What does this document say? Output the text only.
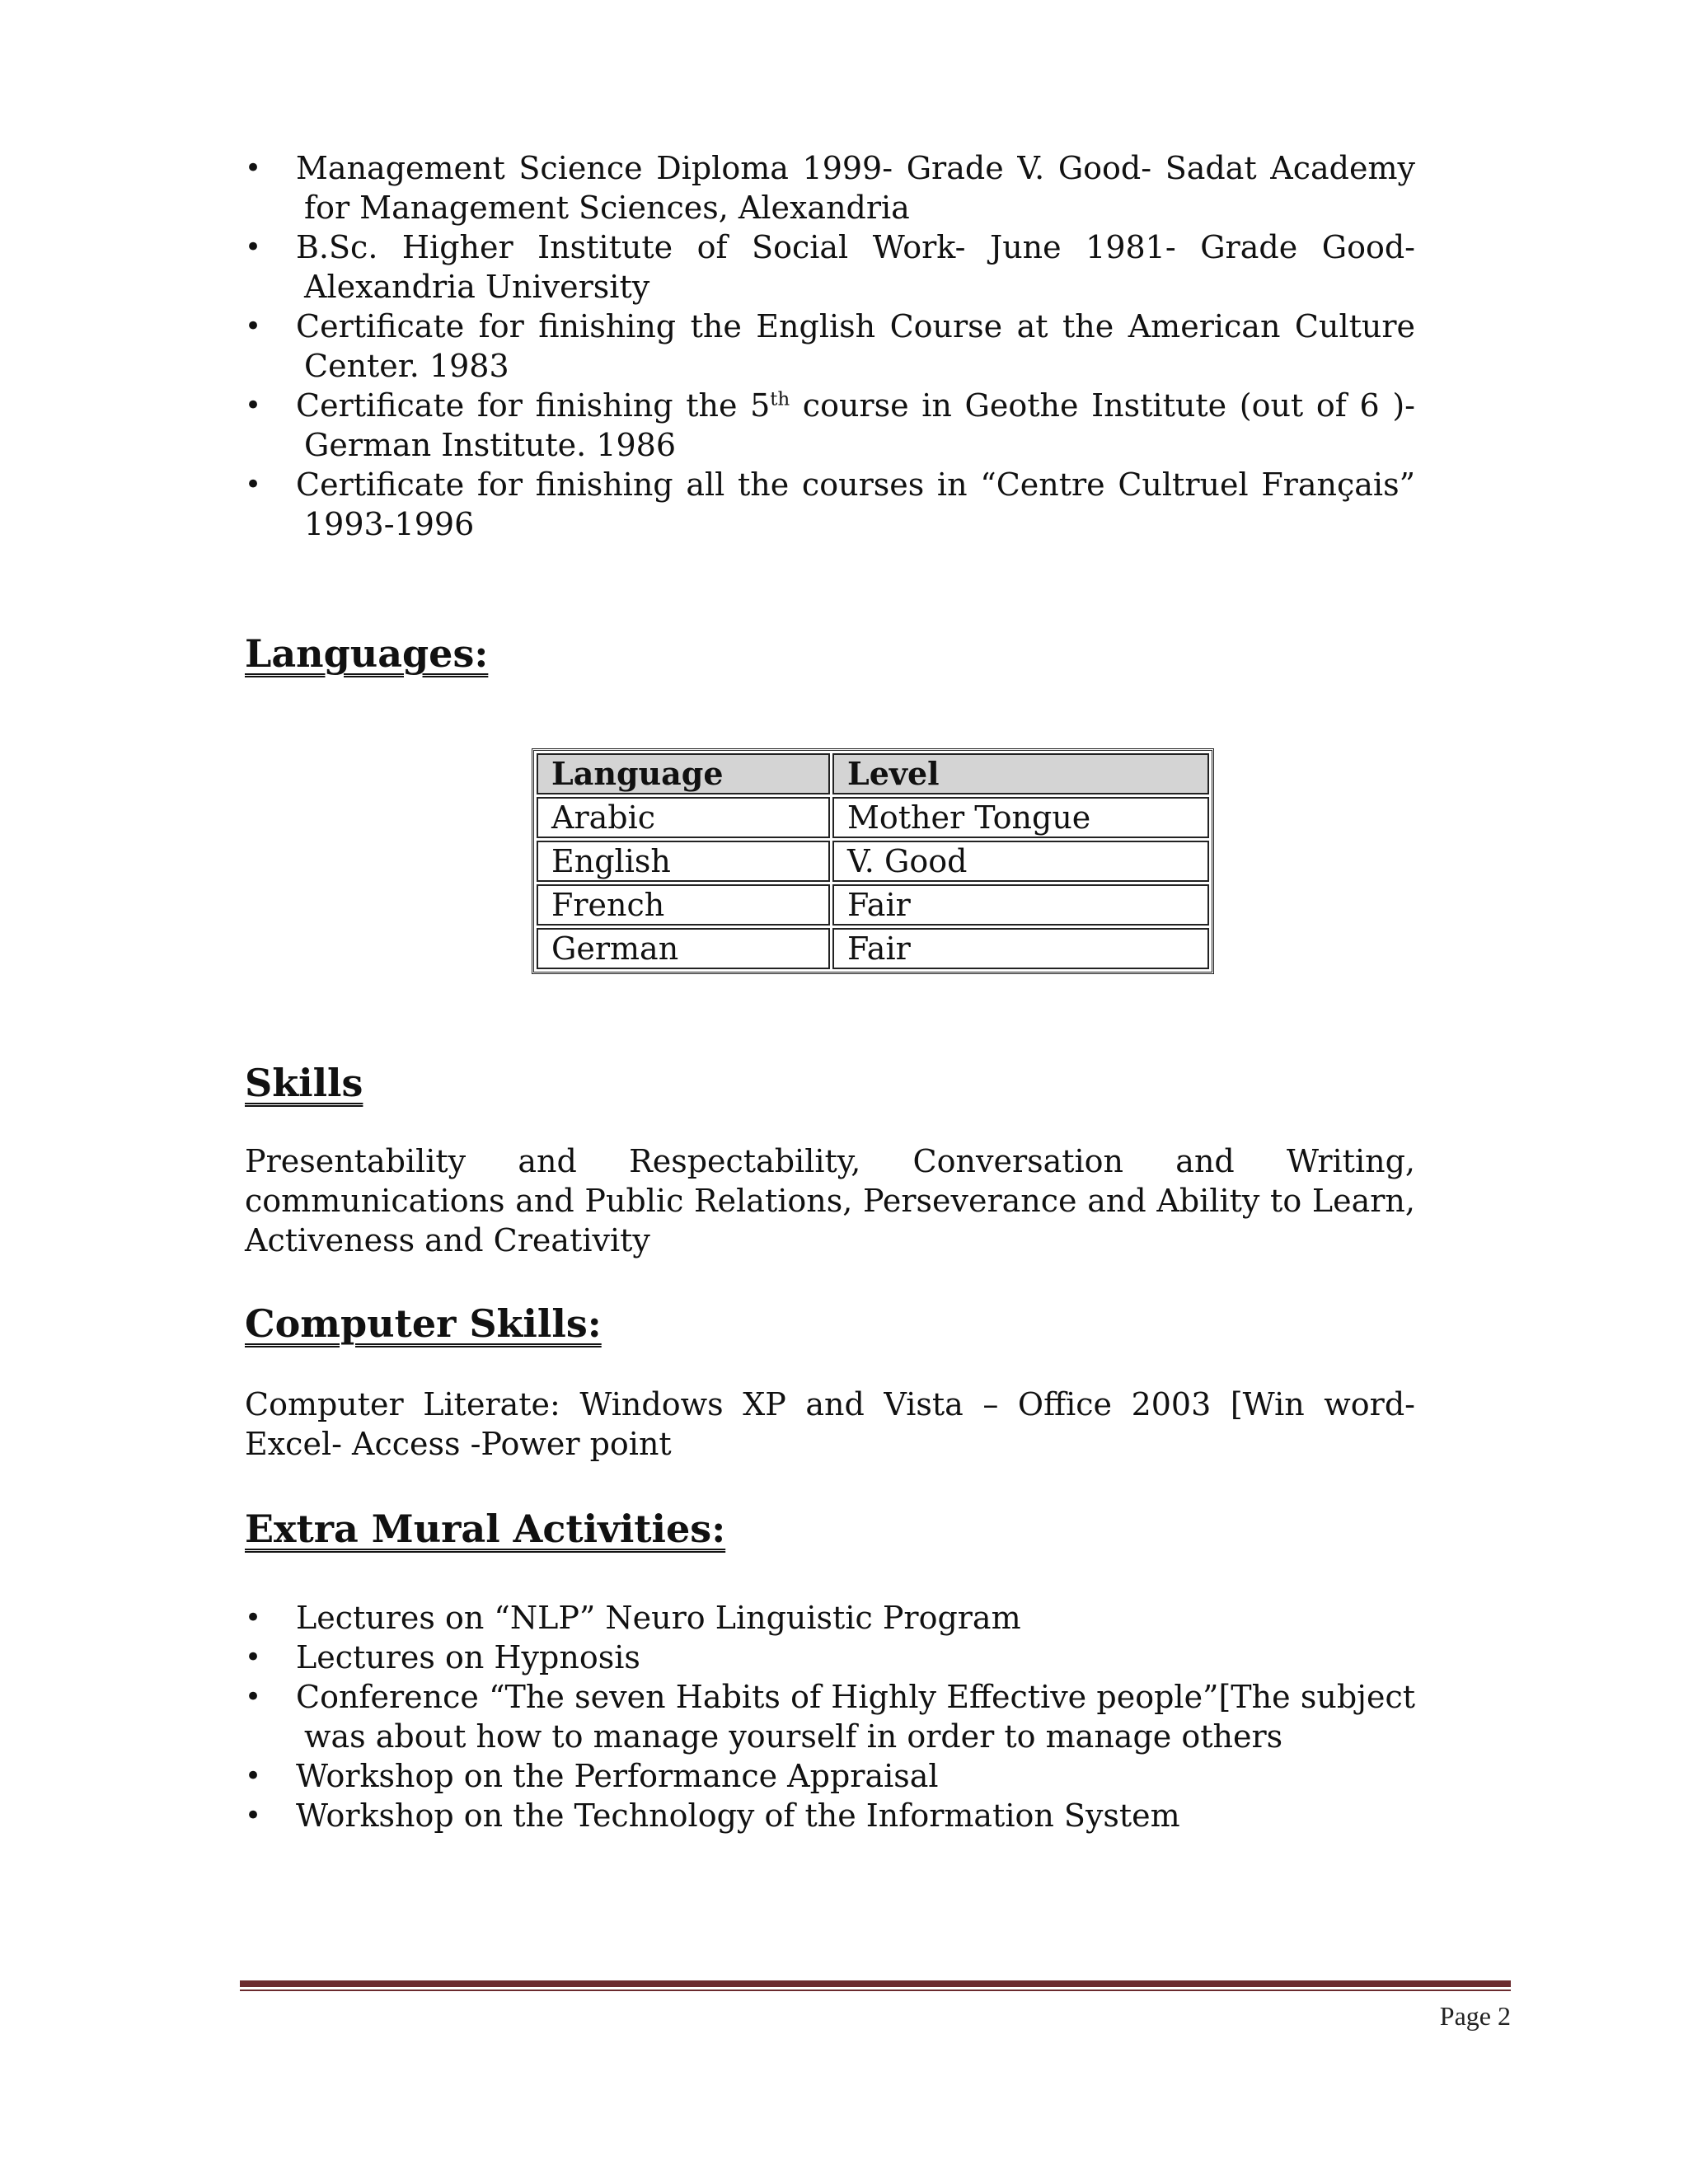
• Management Science Diploma 1999- Grade V. Good- Sadat Academy
for Management Sciences, Alexandria
• B.Sc. Higher Institute of Social Work- June 1981- Grade Good-
Alexandria University
• Certificate for finishing the English Course at the American Culture
Center. 1983
• Certificate for finishing the 5th course in Geothe Institute (out of 6 )-
German Institute. 1986
• Certificate for finishing all the courses in “Centre Cultruel Français”
1993-1996
Languages:
Language	Level
Arabic	Mother Tongue
English	V. Good
French	Fair
German	Fair
Skills

Presentability and Respectability, Conversation and Writing, communications and Public Relations, Perseverance and Ability to Learn, Activeness and Creativity

Computer Skills:

Computer Literate: Windows XP and Vista – Office 2003 [Win word- Excel- Access -Power point

Extra Mural Activities:
• Lectures on “NLP” Neuro Linguistic Program
• Lectures on Hypnosis
• Conference “The seven Habits of Highly Effective people”[The subject
was about how to manage yourself in order to manage others
• Workshop on the Performance Appraisal
• Workshop on the Technology of the Information System
Page 2
